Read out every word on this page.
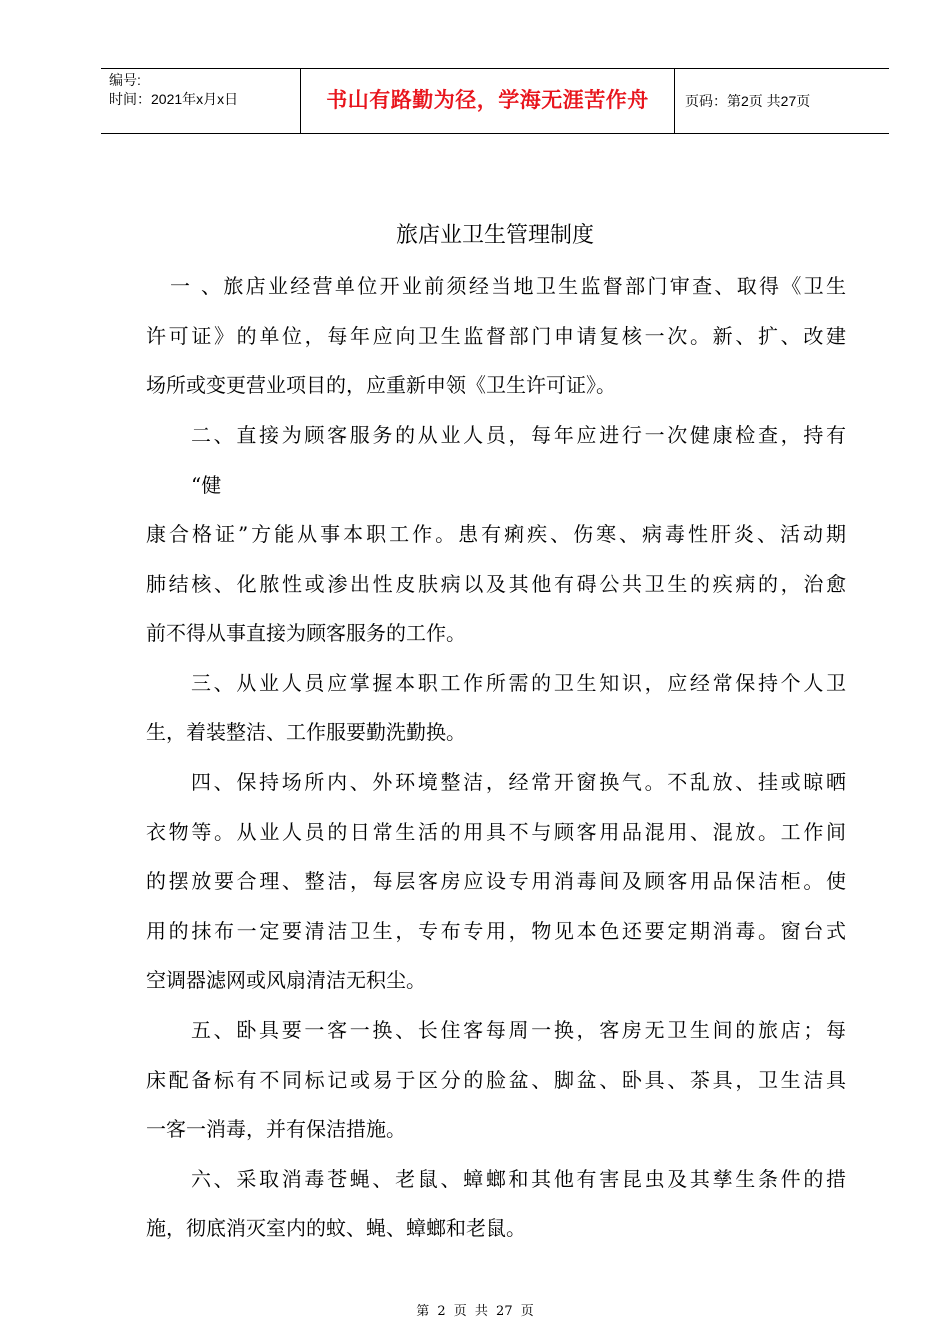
编号:
时间：2021年x月x日	书山有路勤为径，学海无涯苦作舟	页码：第2页 共27页
旅店业卫生管理制度
一 、旅店业经营单位开业前须经当地卫生监督部门审查、取得《卫生
许可证》的单位，每年应向卫生监督部门申请复核一次。新、扩、改建
场所或变更营业项目的，应重新申领《卫生许可证》。
二、直接为顾客服务的从业人员，每年应进行一次健康检查，持有
“健
康合格证”方能从事本职工作。患有痢疾、伤寒、病毒性肝炎、活动期
肺结核、化脓性或渗出性皮肤病以及其他有碍公共卫生的疾病的，治愈
前不得从事直接为顾客服务的工作。
三、从业人员应掌握本职工作所需的卫生知识，应经常保持个人卫
生，着装整洁、工作服要勤洗勤换。
四、保持场所内、外环境整洁，经常开窗换气。不乱放、挂或晾晒
衣物等。从业人员的日常生活的用具不与顾客用品混用、混放。工作间
的摆放要合理、整洁，每层客房应设专用消毒间及顾客用品保洁柜。使
用的抹布一定要清洁卫生，专布专用，物见本色还要定期消毒。窗台式
空调器滤网或风扇清洁无积尘。
五、卧具要一客一换、长住客每周一换，客房无卫生间的旅店；每
床配备标有不同标记或易于区分的脸盆、脚盆、卧具、茶具，卫生洁具
一客一消毒，并有保洁措施。
六、采取消毒苍蝇、老鼠、蟑螂和其他有害昆虫及其孳生条件的措
施，彻底消灭室内的蚊、蝇、蟑螂和老鼠。
第 2 页 共 27 页
